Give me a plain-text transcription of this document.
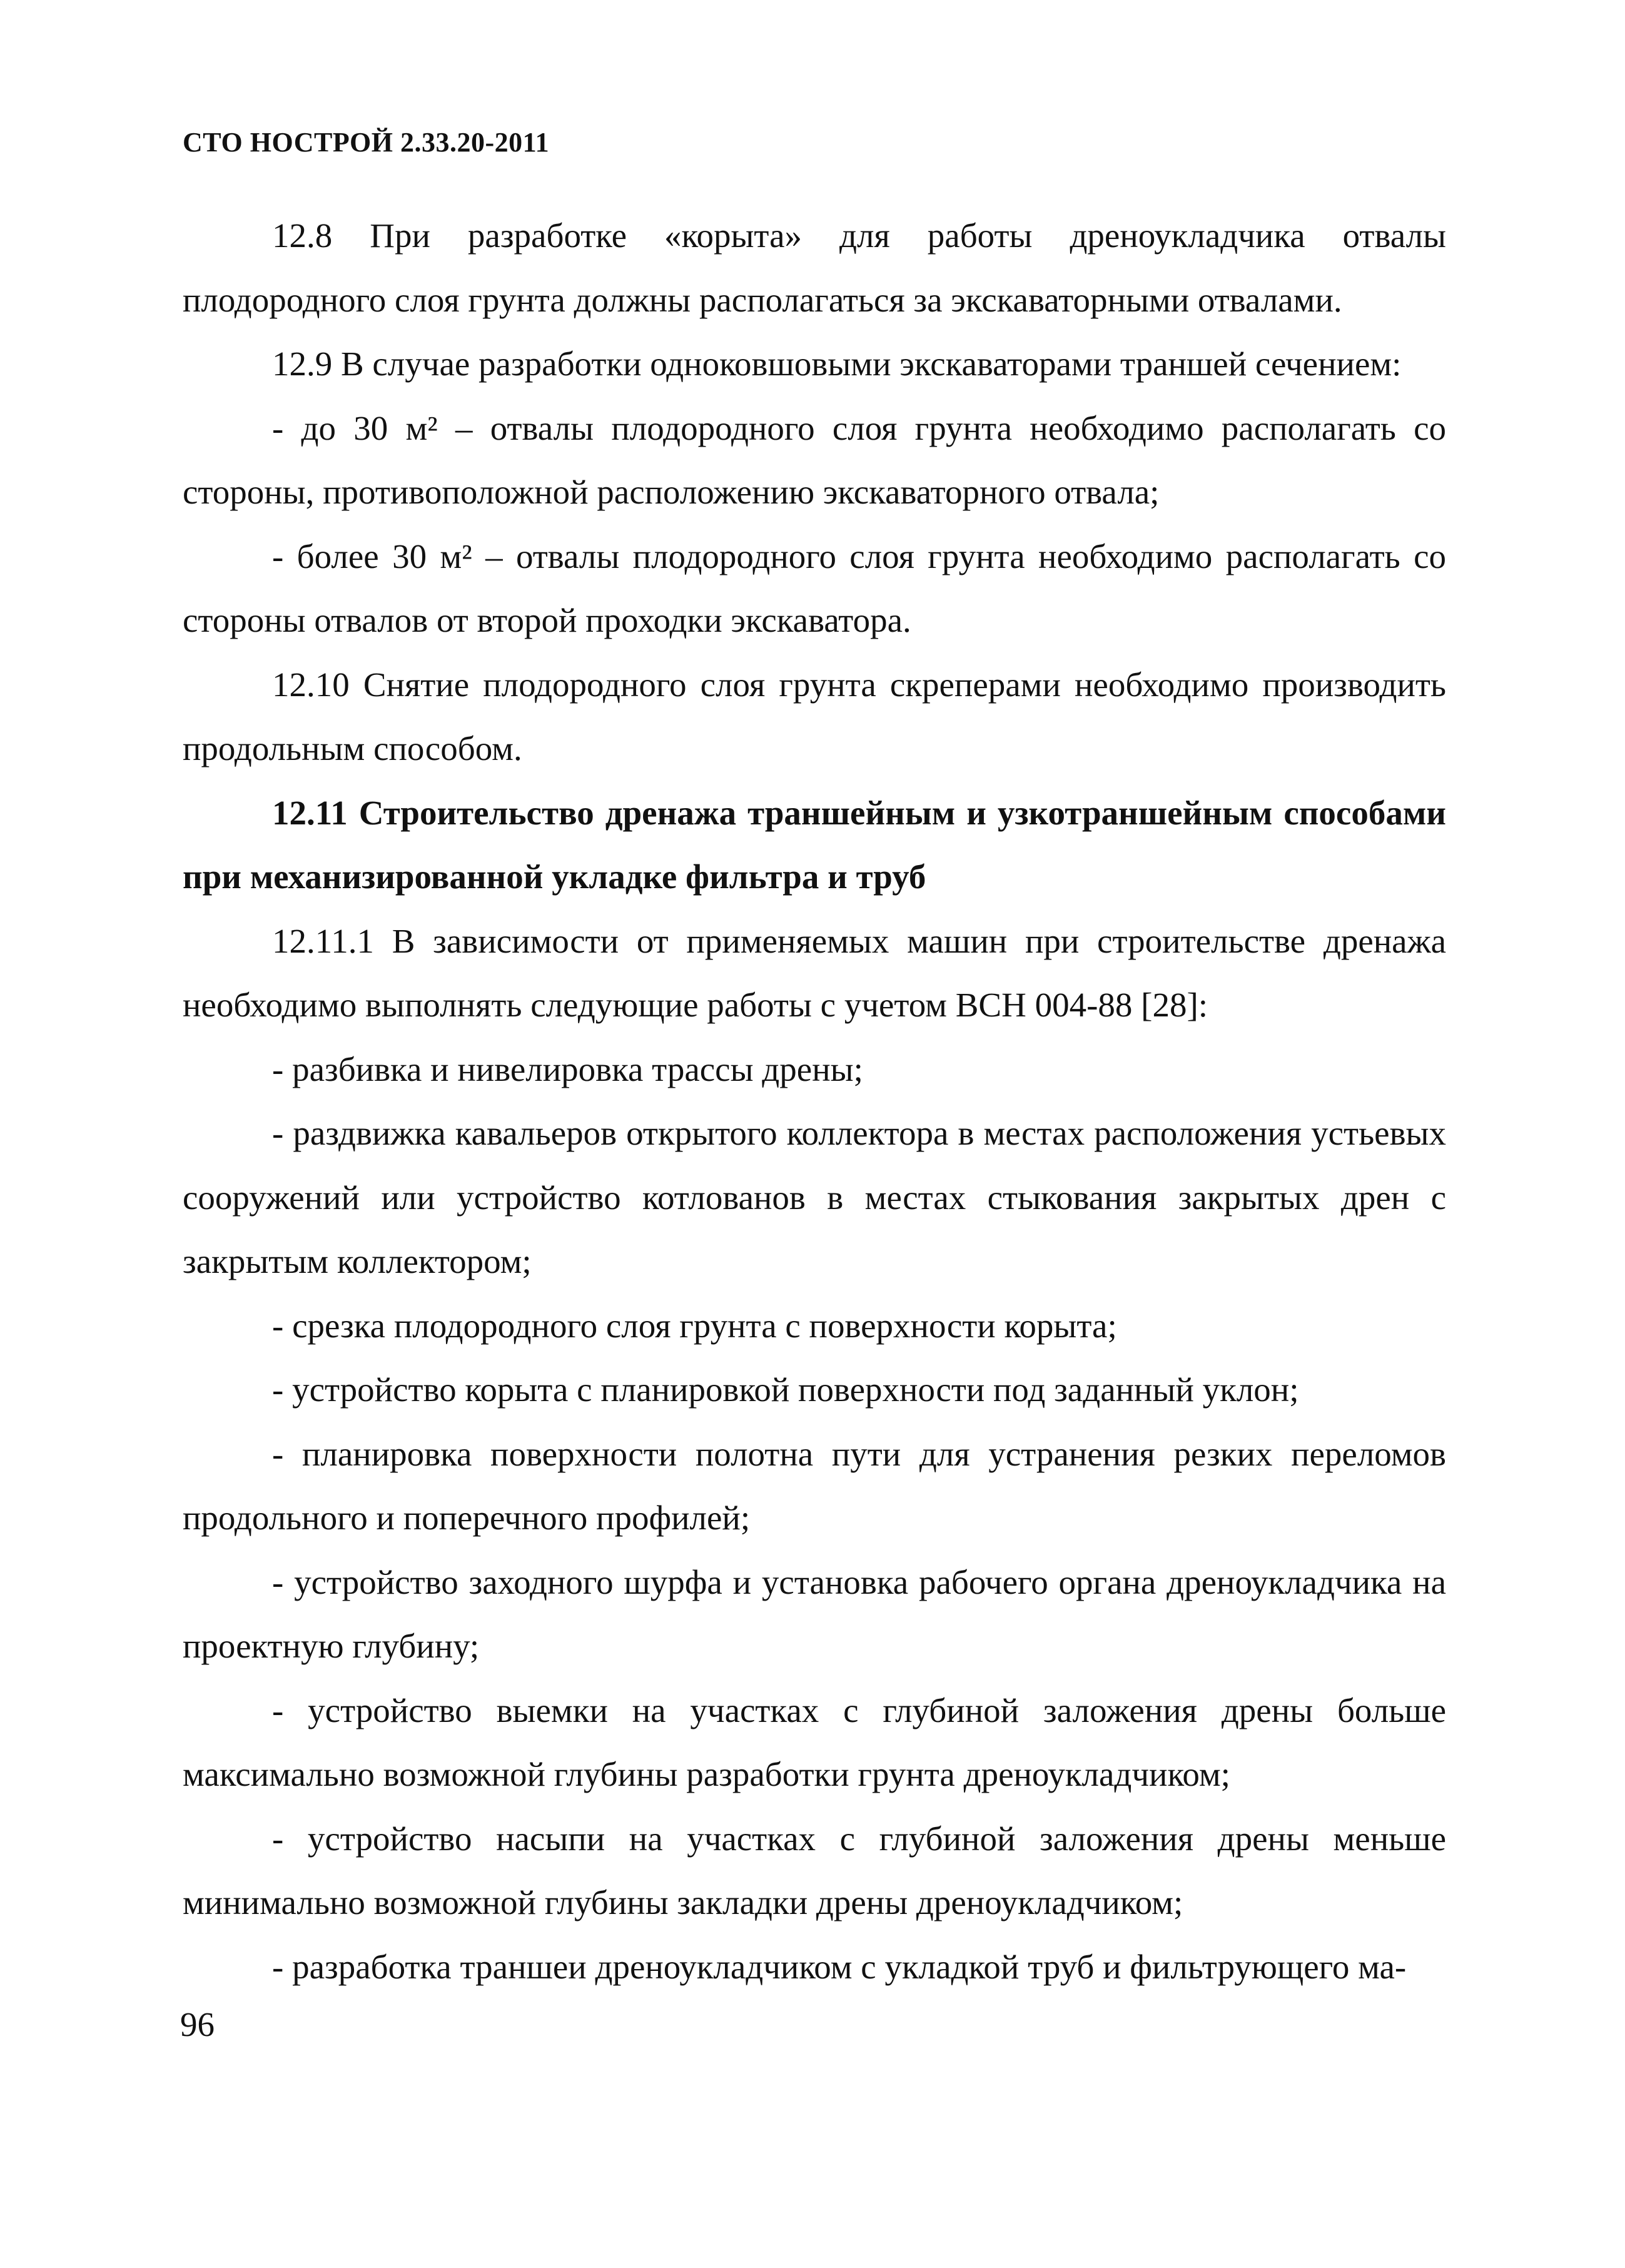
СТО НОСТРОЙ 2.33.20-2011

12.8 При разработке «корыта» для работы дреноукладчика отвалы плодородного слоя грунта должны располагаться за экскаваторными отвалами.

12.9 В случае разработки одноковшовыми экскаваторами траншей сечением:

- до 30 м² – отвалы плодородного слоя грунта необходимо располагать со стороны, противоположной расположению экскаваторного отвала;

- более 30 м² – отвалы плодородного слоя грунта необходимо располагать со стороны отвалов от второй проходки экскаватора.

12.10 Снятие плодородного слоя грунта скреперами необходимо производить продольным способом.

12.11 Строительство дренажа траншейным и узкотраншейным способами при механизированной укладке фильтра и труб

12.11.1 В зависимости от применяемых машин при строительстве дренажа необходимо выполнять следующие работы с учетом ВСН 004-88 [28]:

- разбивка и нивелировка трассы дрены;

- раздвижка кавальеров открытого коллектора в местах расположения устьевых сооружений или устройство котлованов в местах стыкования закрытых дрен с закрытым коллектором;

- срезка плодородного слоя грунта с поверхности корыта;

- устройство корыта с планировкой поверхности под заданный уклон;

- планировка поверхности полотна пути для устранения резких переломов продольного и поперечного профилей;

- устройство заходного шурфа и установка рабочего органа дреноукладчика на проектную глубину;

- устройство выемки на участках с глубиной заложения дрены больше максимально возможной глубины разработки грунта дреноукладчиком;

- устройство насыпи на участках с глубиной заложения дрены меньше минимально возможной глубины закладки дрены дреноукладчиком;

- разработка траншеи дреноукладчиком с укладкой труб и фильтрующего ма-

96
